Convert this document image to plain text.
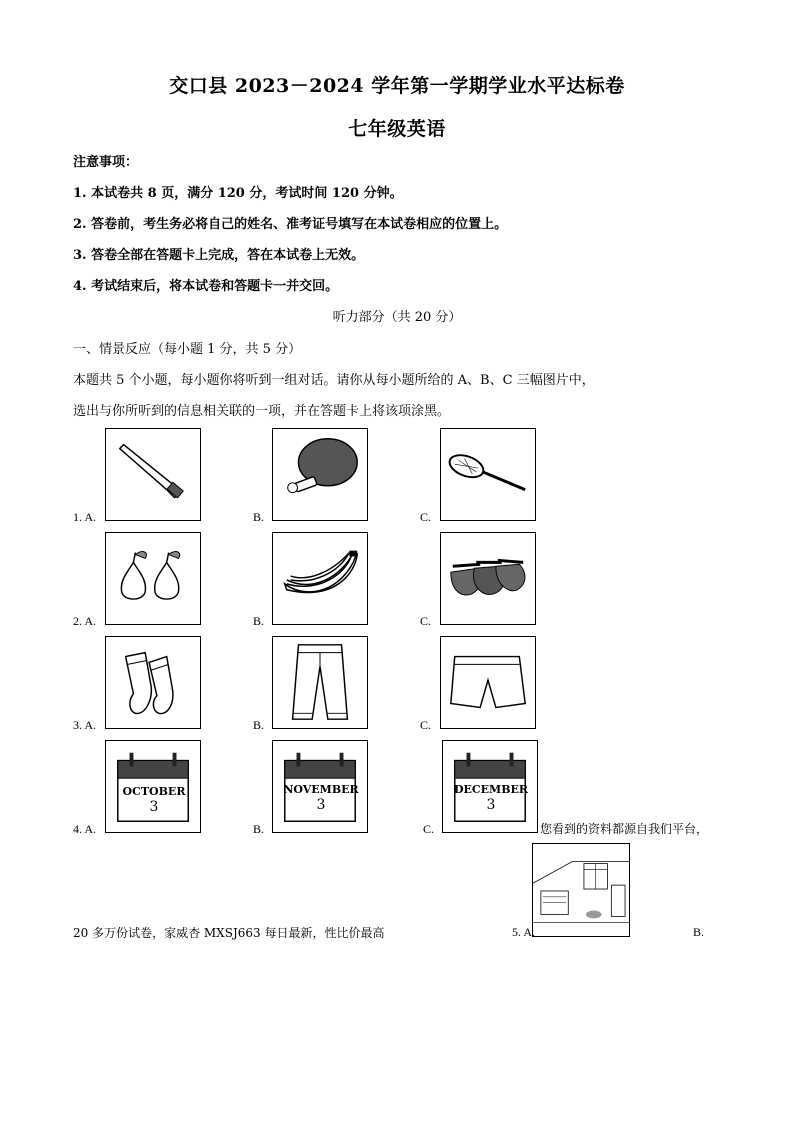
交口县 2023－2024 学年第一学期学业水平达标卷
七年级英语
注意事项：
1. 本试卷共 8 页，满分 120 分，考试时间 120 分钟。
2. 答卷前，考生务必将自己的姓名、准考证号填写在本试卷相应的位置上。
3. 答卷全部在答题卡上完成，答在本试卷上无效。
4. 考试结束后，将本试卷和答题卡一并交回。
听力部分（共 20 分）
一、情景反应（每小题 1 分，共 5 分）
本题共 5 个小题，每小题你将听到一组对话。请你从每小题所给的 A、B、C 三幅图片中，
选出与你所听到的信息相关联的一项，并在答题卡上将该项涂黑。
1. A.	B.	C.
2. A.	B.	C.
3. A.	B.	C.
4. A.
OCTOBER
3
B.
NOVEMBER
3
C.
DECEMBER
3
您看到的资料都源自我们平台，
20 多万份试卷，家威杏 MXSJ663 每日最新，性比价最高	5. A.	B.
